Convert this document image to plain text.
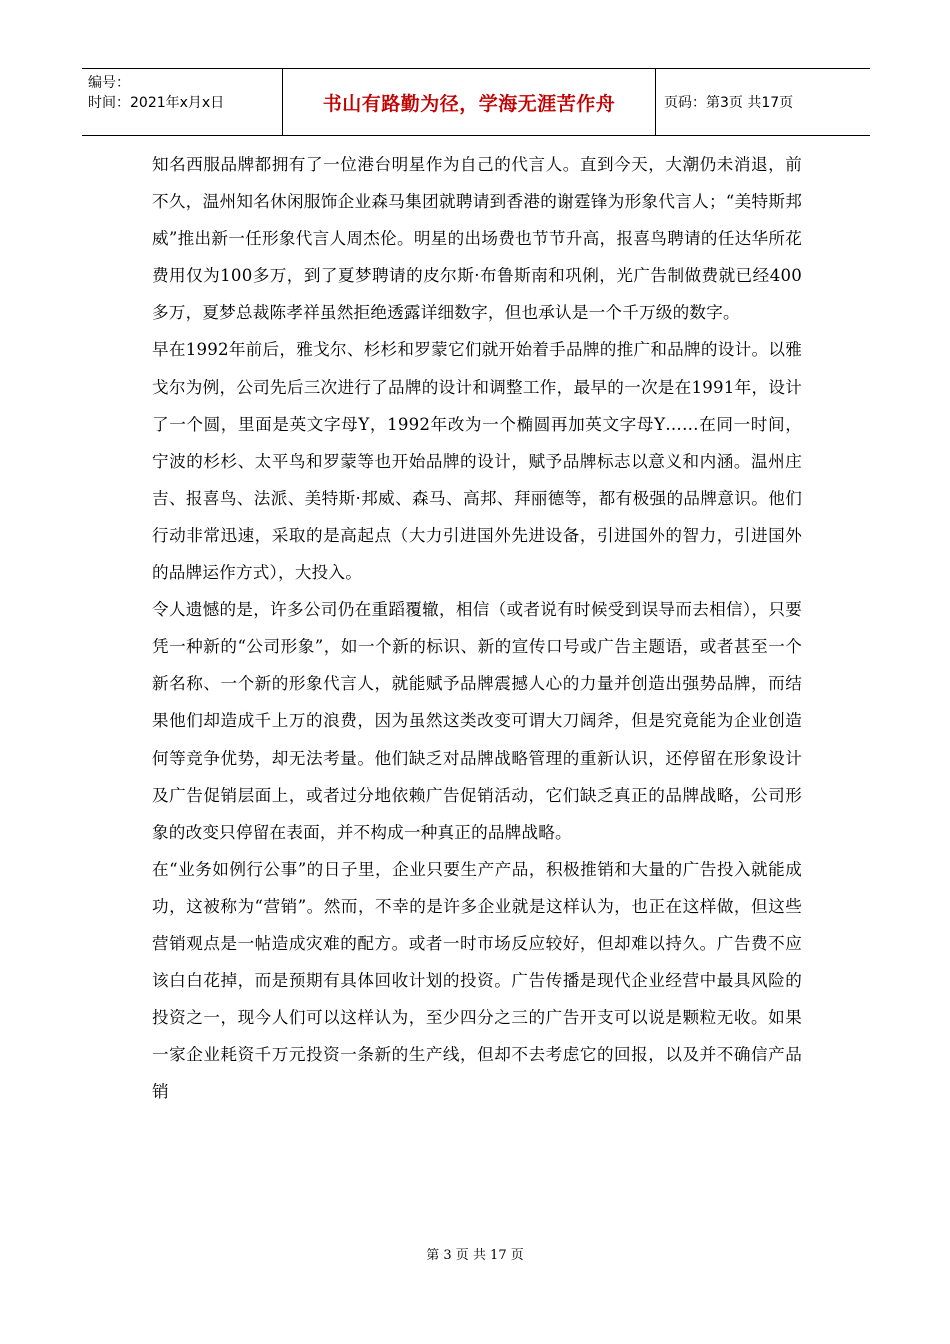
编号：
时间：2021年x月x日	书山有路勤为径，学海无涯苦作舟	页码：第3页 共17页

知名西服品牌都拥有了一位港台明星作为自己的代言人。直到今天，大潮仍未消退，前不久，温州知名休闲服饰企业森马集团就聘请到香港的谢霆锋为形象代言人；“美特斯邦威”推出新一任形象代言人周杰伦。明星的出场费也节节升高，报喜鸟聘请的任达华所花费用仅为100多万，到了夏梦聘请的皮尔斯·布鲁斯南和巩俐，光广告制做费就已经400多万，夏梦总裁陈孝祥虽然拒绝透露详细数字，但也承认是一个千万级的数字。

早在1992年前后，雅戈尔、杉杉和罗蒙它们就开始着手品牌的推广和品牌的设计。以雅戈尔为例，公司先后三次进行了品牌的设计和调整工作，最早的一次是在1991年，设计了一个圆，里面是英文字母Y，1992年改为一个椭圆再加英文字母Y……在同一时间，宁波的杉杉、太平鸟和罗蒙等也开始品牌的设计，赋予品牌标志以意义和内涵。温州庄吉、报喜鸟、法派、美特斯·邦威、森马、高邦、拜丽德等，都有极强的品牌意识。他们行动非常迅速，采取的是高起点（大力引进国外先进设备，引进国外的智力，引进国外的品牌运作方式），大投入。

令人遗憾的是，许多公司仍在重蹈覆辙，相信（或者说有时候受到误导而去相信），只要凭一种新的“公司形象”，如一个新的标识、新的宣传口号或广告主题语，或者甚至一个新名称、一个新的形象代言人，就能赋予品牌震撼人心的力量并创造出强势品牌，而结果他们却造成千上万的浪费，因为虽然这类改变可谓大刀阔斧，但是究竟能为企业创造何等竞争优势，却无法考量。他们缺乏对品牌战略管理的重新认识，还停留在形象设计及广告促销层面上，或者过分地依赖广告促销活动，它们缺乏真正的品牌战略，公司形象的改变只停留在表面，并不构成一种真正的品牌战略。

在“业务如例行公事”的日子里，企业只要生产产品，积极推销和大量的广告投入就能成功，这被称为“营销”。然而，不幸的是许多企业就是这样认为，也正在这样做，但这些营销观点是一帖造成灾难的配方。或者一时市场反应较好，但却难以持久。广告费不应该白白花掉，而是预期有具体回收计划的投资。广告传播是现代企业经营中最具风险的投资之一，现今人们可以这样认为，至少四分之三的广告开支可以说是颗粒无收。如果一家企业耗资千万元投资一条新的生产线，但却不去考虑它的回报，以及并不确信产品销

第 3 页 共 17 页
